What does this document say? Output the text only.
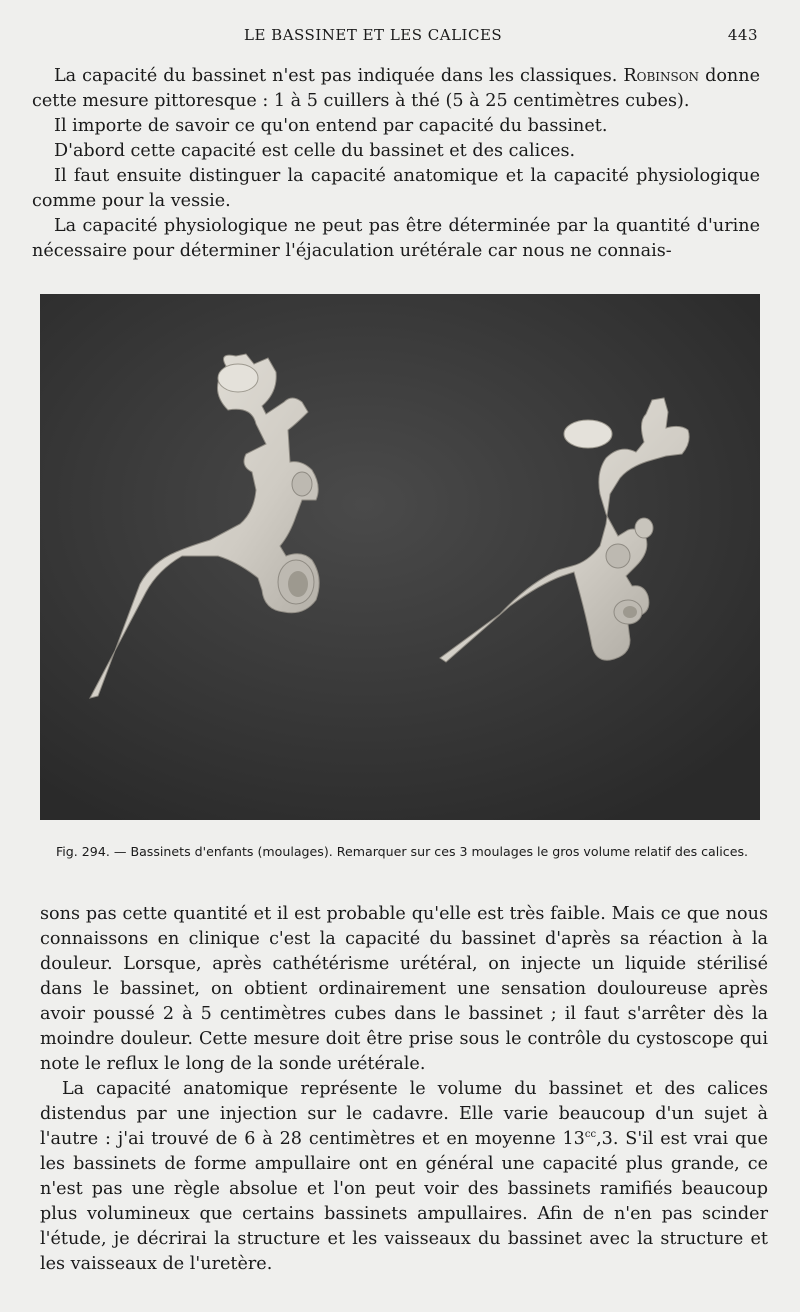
LE BASSINET ET LES CALICES	443

La capacité du bassinet n'est pas indiquée dans les classiques. Robinson donne cette mesure pittoresque : 1 à 5 cuillers à thé (5 à 25 centimètres cubes).

Il importe de savoir ce qu'on entend par capacité du bassinet.

D'abord cette capacité est celle du bassinet et des calices.

Il faut ensuite distinguer la capacité anatomique et la capacité physiologique comme pour la vessie.

La capacité physiologique ne peut pas être déterminée par la quantité d'urine nécessaire pour déterminer l'éjaculation urétérale car nous ne connais-

Fig. 294. — Bassinets d'enfants (moulages). Remarquer sur ces 3 moulages le gros volume relatif des calices.

sons pas cette quantité et il est probable qu'elle est très faible. Mais ce que nous connaissons en clinique c'est la capacité du bassinet d'après sa réaction à la douleur. Lorsque, après cathétérisme urétéral, on injecte un liquide stérilisé dans le bassinet, on obtient ordinairement une sensation douloureuse après avoir poussé 2 à 5 centimètres cubes dans le bassinet ; il faut s'arrêter dès la moindre douleur. Cette mesure doit être prise sous le contrôle du cystoscope qui note le reflux le long de la sonde urétérale.

La capacité anatomique représente le volume du bassinet et des calices distendus par une injection sur le cadavre. Elle varie beaucoup d'un sujet à l'autre : j'ai trouvé de 6 à 28 centimètres et en moyenne $13^{cc},3$. S'il est vrai que les bassinets de forme ampullaire ont en général une capacité plus grande, ce n'est pas une règle absolue et l'on peut voir des bassinets ramifiés beaucoup plus volumineux que certains bassinets ampullaires. Afin de n'en pas scinder l'étude, je décrirai la structure et les vaisseaux du bassinet avec la structure et les vaisseaux de l'uretère.
